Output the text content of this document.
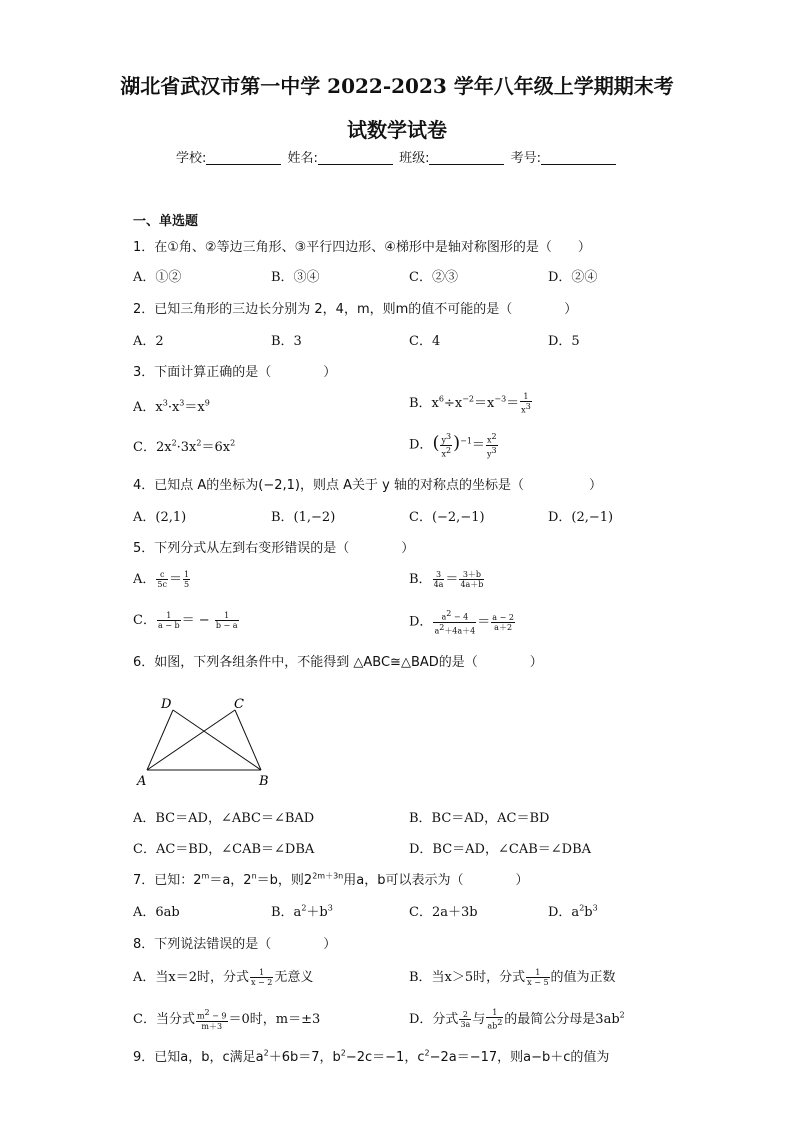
湖北省武汉市第一中学 2022-2023 学年八年级上学期期末考
试数学试卷
学校:	姓名:	班级:	考号:
一、单选题
1．在①角、②等边三角形、③平行四边形、④梯形中是轴对称图形的是（　　）
A．①②	B．③④	C．②③	D．②④
2．已知三角形的三边长分别为 2，4，m，则m的值不可能的是（　　　　）
A．2	B．3	C．4	D．5
3．下面计算正确的是（　　　　）
A．$x^3\cdot x^3=x^9$	B．$x^6\div x^{-2}=x^{-3}= \frac{1}{x^3}$
C．$2x^2\cdot 3x^2=6x^2$	D．( $\frac{y^3}{x^2} )^{-1}= \frac{x^2}{y^3}$
4．已知点 A的坐标为(−2,1)，则点 A关于 y 轴的对称点的坐标是（　　　　　）
A．(2,1)	B．(1,−2)	C．(−2,−1)	D．(2,−1)
5．下列分式从左到右变形错误的是（　　　　）
A． $\frac{c}{5c} = \frac{1}{5}$	B． $\frac{3}{4a} = \frac{3+b}{4a+b}$
C． $\frac{1}{a - b}$ ＝ − $\frac{1}{b - a}$	D． $\frac{a^2 - 4}{a^2+4a+4} = \frac{a - 2}{a+2}$
6．如图，下列各组条件中，不能得到 △ABC≅△BAD的是（　　　　）
D	C
A	B
A．BC＝AD，∠ABC＝∠BAD	B．BC＝AD，AC＝BD
C．AC＝BD，∠CAB＝∠DBA	D．BC＝AD，∠CAB＝∠DBA
7．已知：$2^m=a$，$2^n=b$，则$2^{2m+3n}$用a，b可以表示为（　　　　）
A．6ab	B．$a^2+b^3$	C．2a＋3b	D．$a^2b^3$
8．下列说法错误的是（　　　　）
A．当x＝2时，分式 $\frac{1}{x - 2}$ 无意义	B．当x＞5时，分式 $\frac{1}{x - 5}$ 的值为正数
C．当分式 $\frac{m^2 - 9}{m+3} =0$时，m＝±3	D．分式 $\frac{2}{3a}$ 与 $\frac{1}{ab^2}$ 的最简公分母是$3ab^2$
9．已知a，b，c满足$a^2+6b=7$，$b^2-2c=-1$，$c^2-2a=-17$，则a−b＋c的值为
